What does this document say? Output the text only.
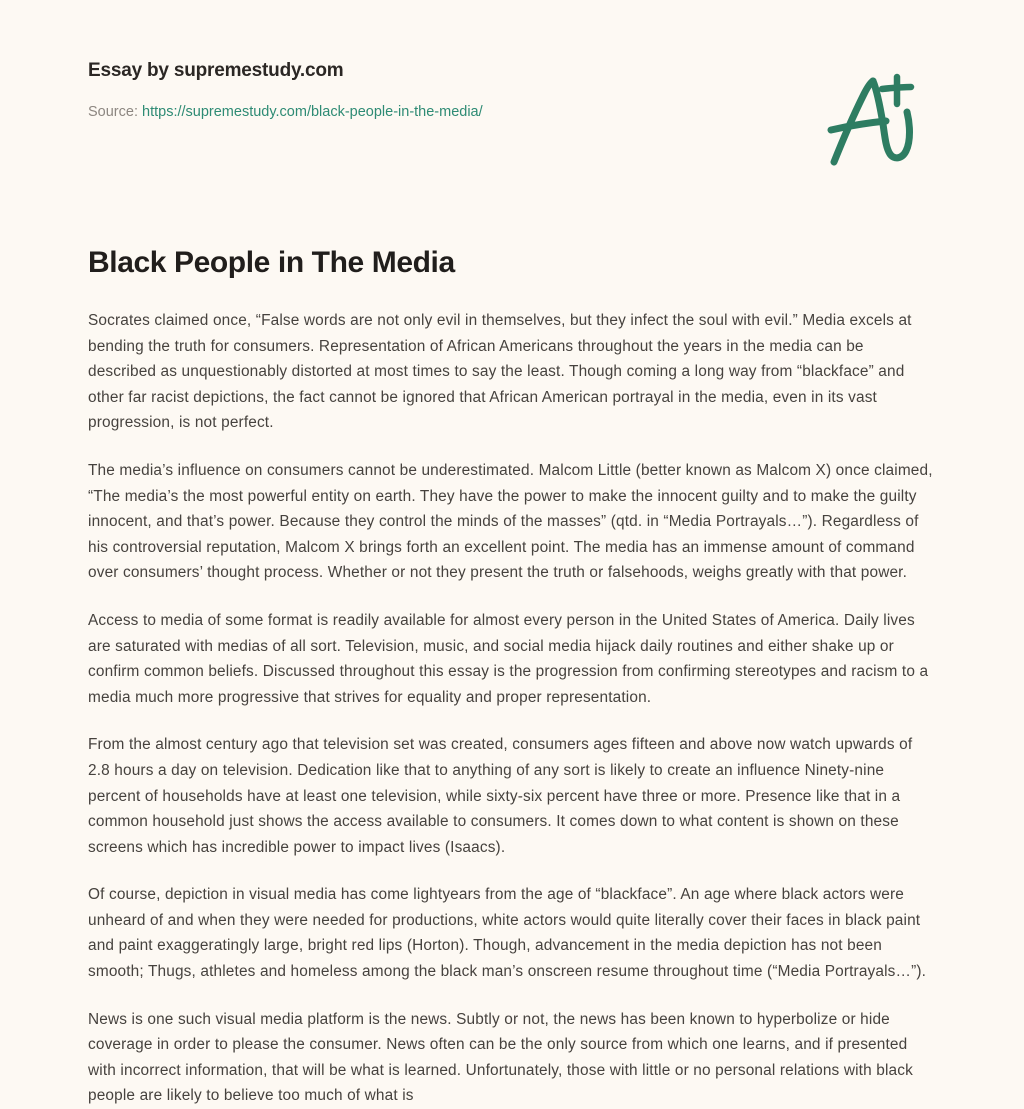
Essay by supremestudy.com
Source: https://supremestudy.com/black-people-in-the-media/
Black People in The Media

Socrates claimed once, “False words are not only evil in themselves, but they infect the soul with evil.” Media excels at bending the truth for consumers. Representation of African Americans throughout the years in the media can be described as unquestionably distorted at most times to say the least. Though coming a long way from “blackface” and other far racist depictions, the fact cannot be ignored that African American portrayal in the media, even in its vast progression, is not perfect.

The media’s influence on consumers cannot be underestimated. Malcom Little (better known as Malcom X) once claimed, “The media’s the most powerful entity on earth. They have the power to make the innocent guilty and to make the guilty innocent, and that’s power. Because they control the minds of the masses” (qtd. in “Media Portrayals…”). Regardless of his controversial reputation, Malcom X brings forth an excellent point. The media has an immense amount of command over consumers’ thought process. Whether or not they present the truth or falsehoods, weighs greatly with that power.

Access to media of some format is readily available for almost every person in the United States of America. Daily lives are saturated with medias of all sort. Television, music, and social media hijack daily routines and either shake up or confirm common beliefs. Discussed throughout this essay is the progression from confirming stereotypes and racism to a media much more progressive that strives for equality and proper representation.

From the almost century ago that television set was created, consumers ages fifteen and above now watch upwards of 2.8 hours a day on television. Dedication like that to anything of any sort is likely to create an influence Ninety-nine percent of households have at least one television, while sixty-six percent have three or more. Presence like that in a common household just shows the access available to consumers. It comes down to what content is shown on these screens which has incredible power to impact lives (Isaacs).

Of course, depiction in visual media has come lightyears from the age of “blackface”. An age where black actors were unheard of and when they were needed for productions, white actors would quite literally cover their faces in black paint and paint exaggeratingly large, bright red lips (Horton). Though, advancement in the media depiction has not been smooth; Thugs, athletes and homeless among the black man’s onscreen resume throughout time (“Media Portrayals…”).

News is one such visual media platform is the news. Subtly or not, the news has been known to hyperbolize or hide coverage in order to please the consumer. News often can be the only source from which one learns, and if presented with incorrect information, that will be what is learned. Unfortunately, those with little or no personal relations with black people are likely to believe too much of what is
